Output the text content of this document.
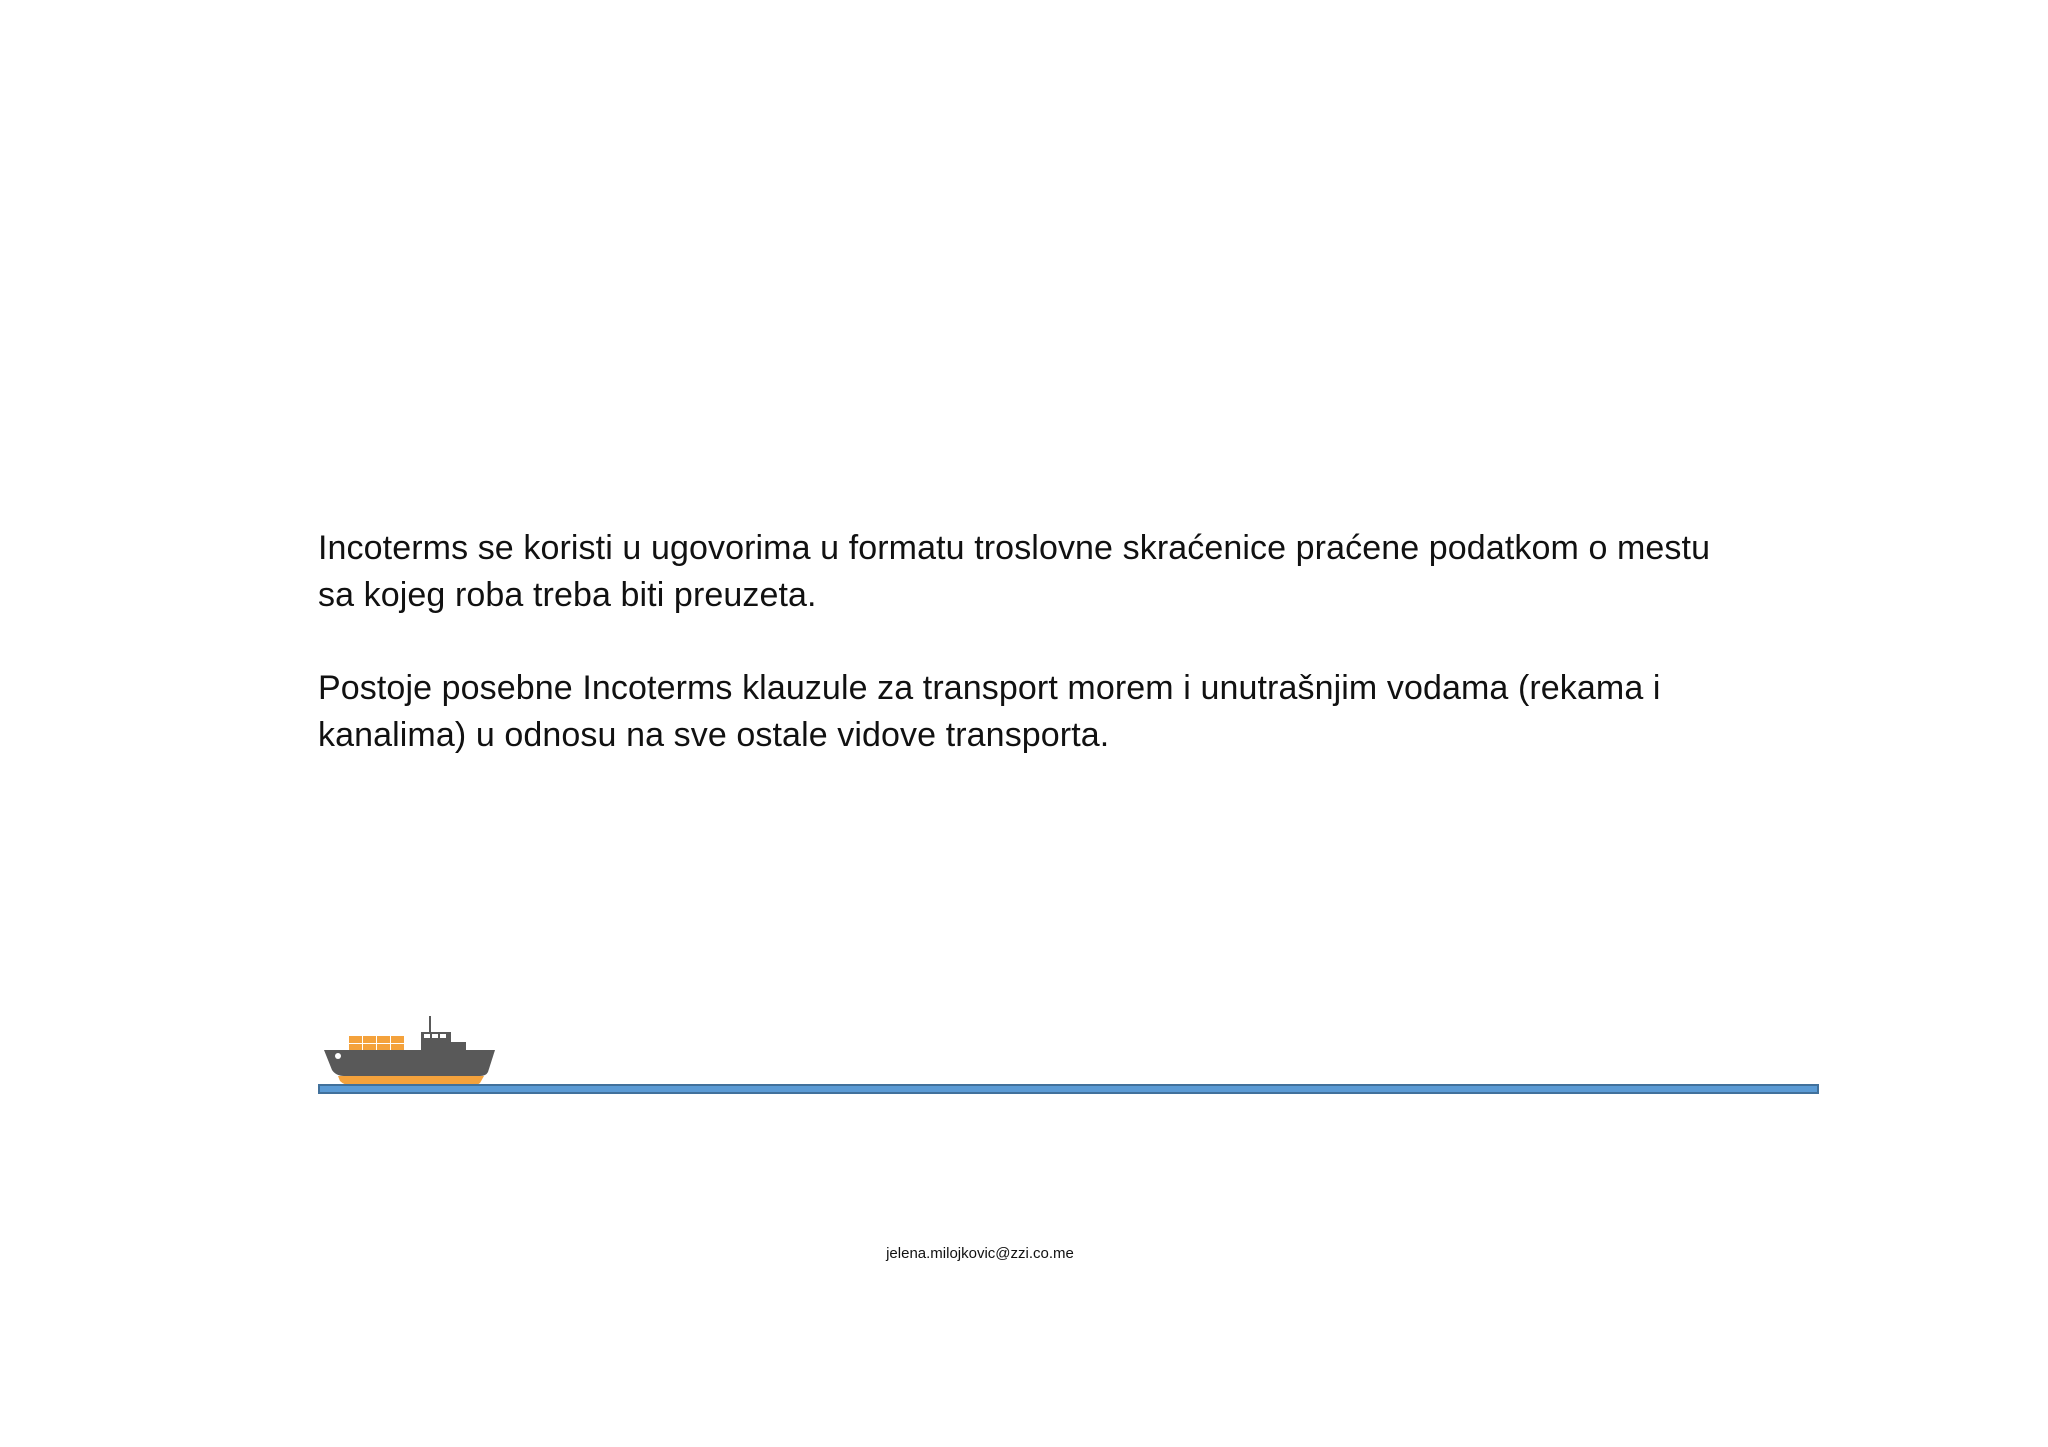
Incoterms se koristi u ugovorima u formatu troslovne skraćenice praćene podatkom o mestu sa kojeg roba treba biti preuzeta.

Postoje posebne Incoterms klauzule za transport morem i unutrašnjim vodama (rekama i kanalima) u odnosu na sve ostale vidove transporta.

jelena.milojkovic@zzi.co.me
